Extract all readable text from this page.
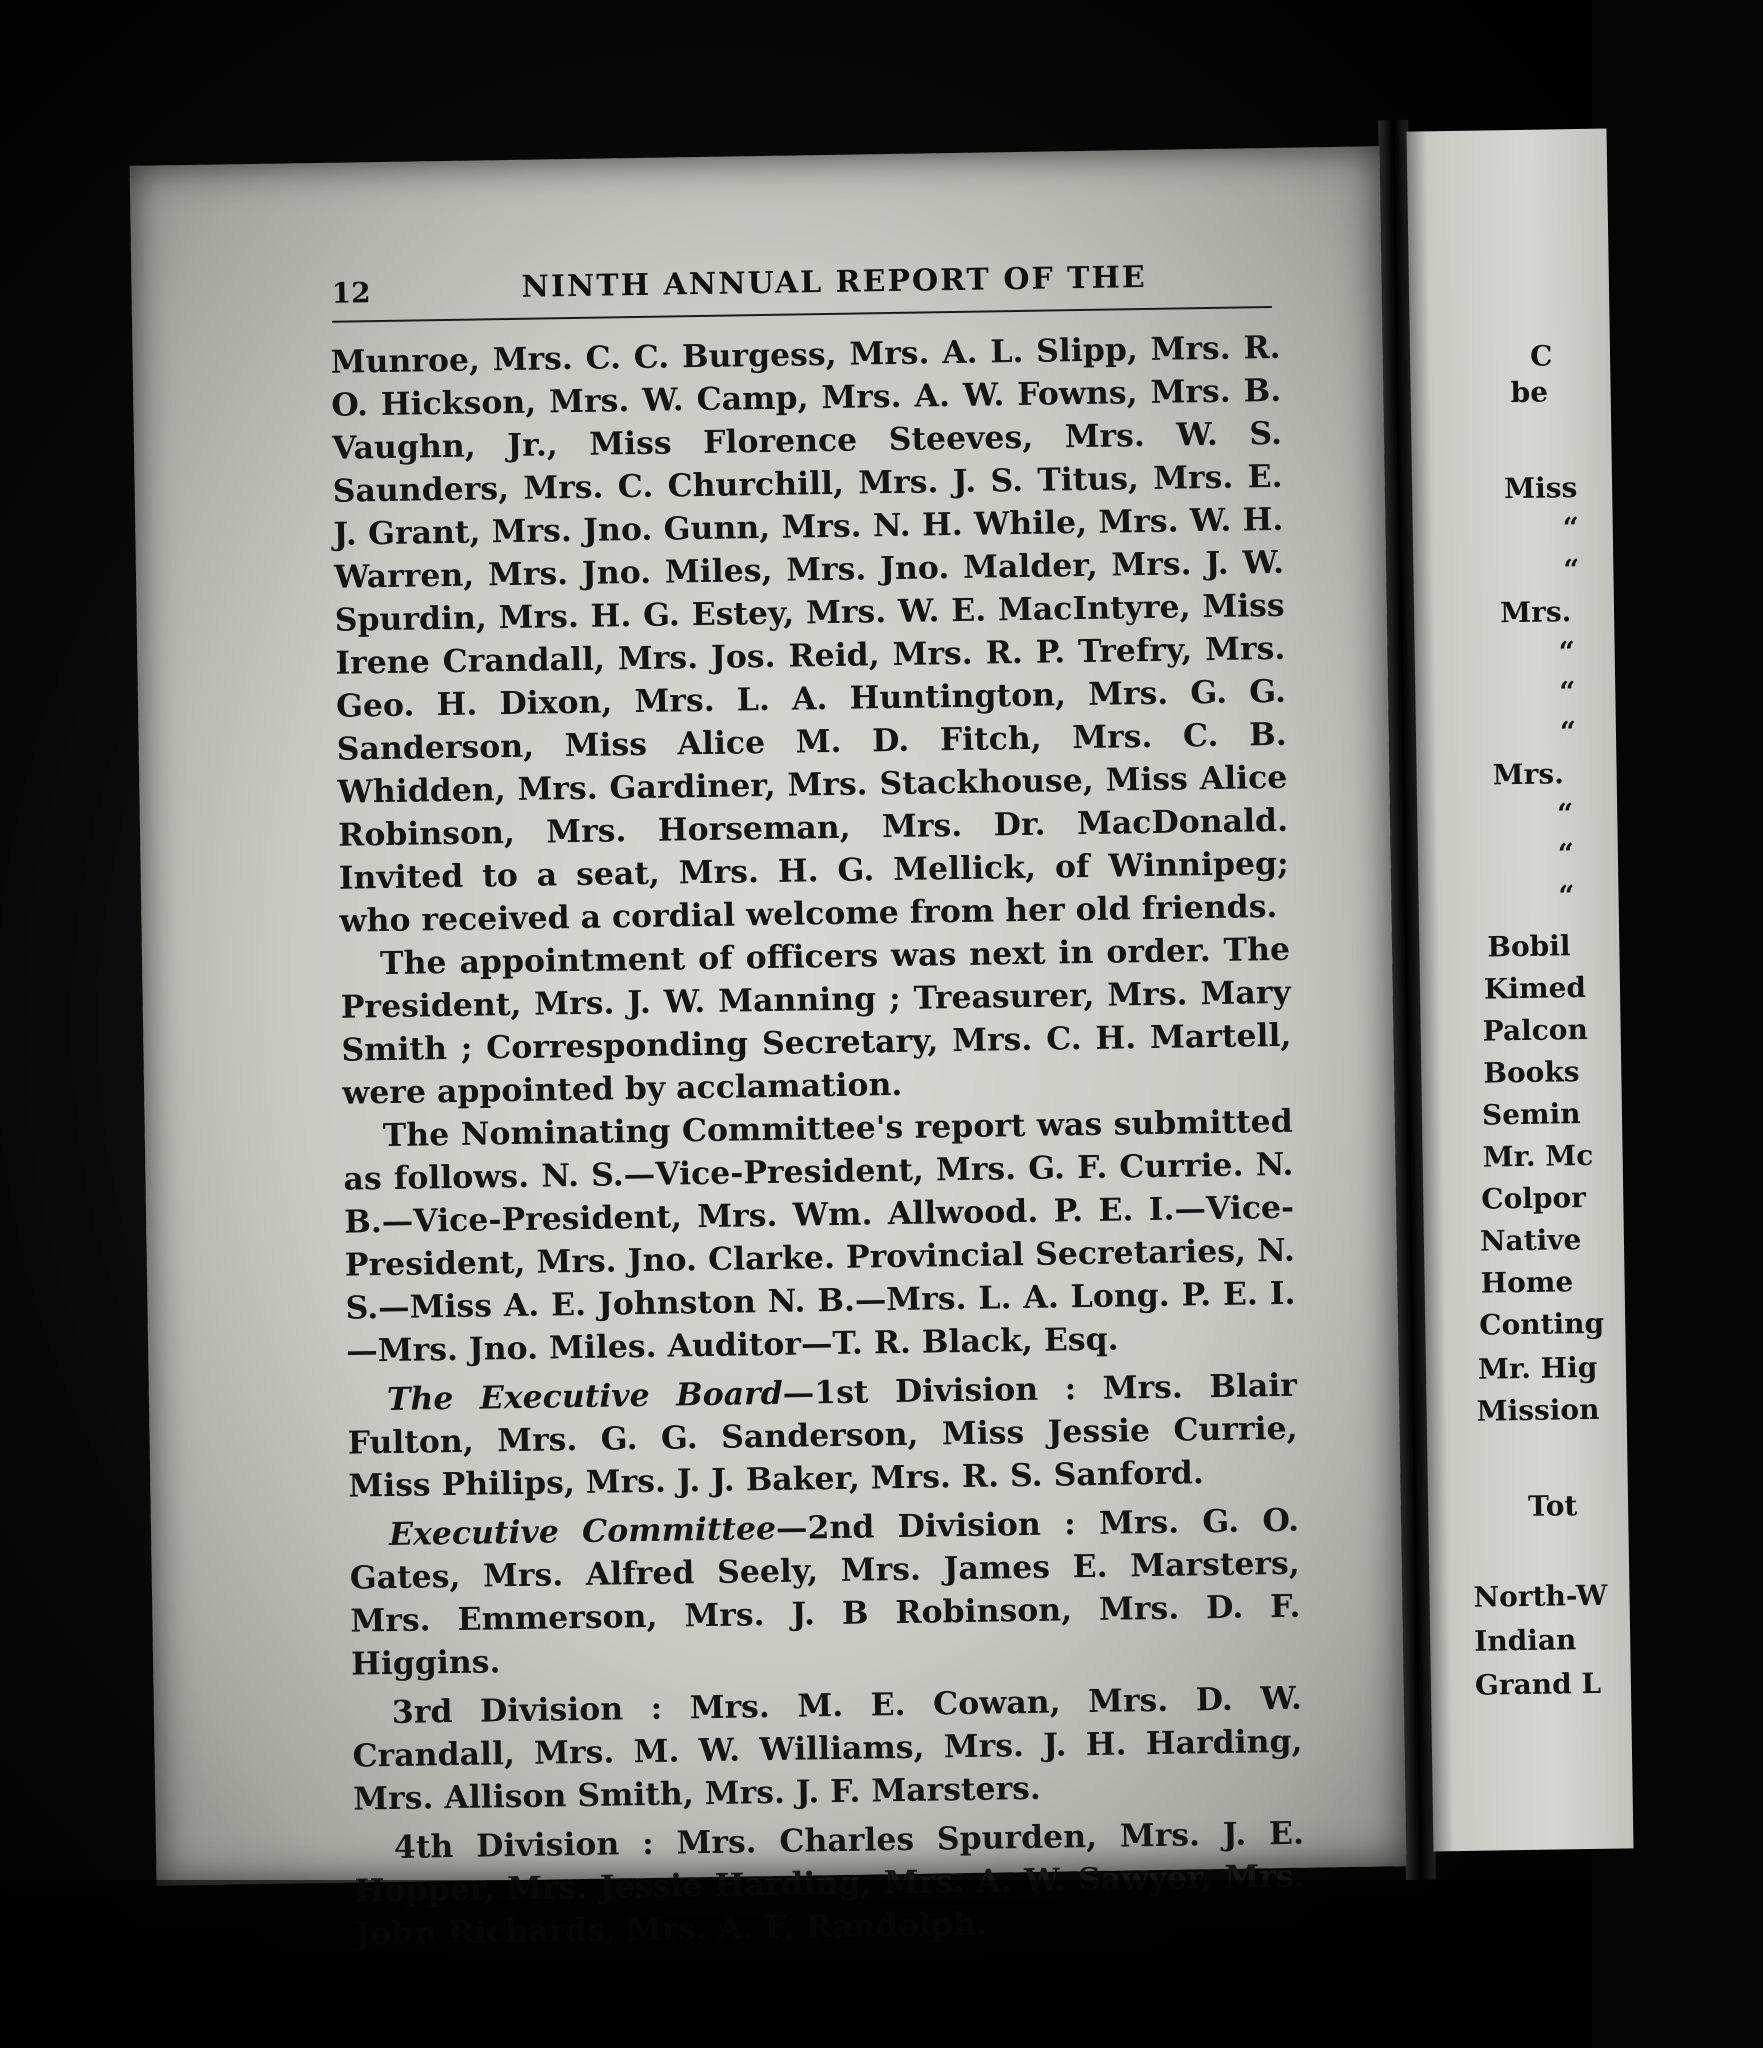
C
be
Miss
“
“
Mrs.
“
“
“
Mrs.
“
“
“
Bobil
Kimed
Palcon
Books
Semin
Mr. Mc
Colpor
Native
Home
Conting
Mr. Hig
Mission
Tot
North-W
Indian
Grand L
12	NINTH ANNUAL REPORT OF THE

Munroe, Mrs. C. C. Burgess, Mrs. A. L. Slipp, Mrs. R. O. Hickson, Mrs. W. Camp, Mrs. A. W. Fowns, Mrs. B. Vaughn, Jr., Miss Florence Steeves, Mrs. W. S. Saunders, Mrs. C. Churchill, Mrs. J. S. Titus, Mrs. E. J. Grant, Mrs. Jno. Gunn, Mrs. N. H. While, Mrs. W. H. Warren, Mrs. Jno. Miles, Mrs. Jno. Malder, Mrs. J. W. Spurdin, Mrs. H. G. Estey, Mrs. W. E. MacIntyre, Miss Irene Crandall, Mrs. Jos. Reid, Mrs. R. P. Trefry, Mrs. Geo. H. Dixon, Mrs. L. A. Huntington, Mrs. G. G. Sanderson, Miss Alice M. D. Fitch, Mrs. C. B. Whidden, Mrs. Gardiner, Mrs. Stackhouse, Miss Alice Robinson, Mrs. Horseman, Mrs. Dr. MacDonald. Invited to a seat, Mrs. H. G. Mellick, of Winnipeg; who received a cordial welcome from her old friends.

The appointment of officers was next in order. The President, Mrs. J. W. Manning ; Treasurer, Mrs. Mary Smith ; Corresponding Secretary, Mrs. C. H. Martell, were appointed by acclamation.

The Nominating Committee's report was submitted as follows. N. S.—Vice-President, Mrs. G. F. Currie. N. B.—Vice-President, Mrs. Wm. Allwood. P. E. I.—Vice-President, Mrs. Jno. Clarke. Provincial Secretaries, N. S.—Miss A. E. Johnston N. B.—Mrs. L. A. Long. P. E. I.—Mrs. Jno. Miles. Auditor—T. R. Black, Esq.

The Executive Board—1st Division : Mrs. Blair Fulton, Mrs. G. G. Sanderson, Miss Jessie Currie, Miss Philips, Mrs. J. J. Baker, Mrs. R. S. Sanford.

Executive Committee—2nd Division : Mrs. G. O. Gates, Mrs. Alfred Seely, Mrs. James E. Marsters, Mrs. Emmerson, Mrs. J. B Robinson, Mrs. D. F. Higgins.

3rd Division : Mrs. M. E. Cowan, Mrs. D. W. Crandall, Mrs. M. W. Williams, Mrs. J. H. Harding, Mrs. Allison Smith, Mrs. J. F. Marsters.

4th Division : Mrs. Charles Spurden, Mrs. J. E. Sawyer, Mrs.
